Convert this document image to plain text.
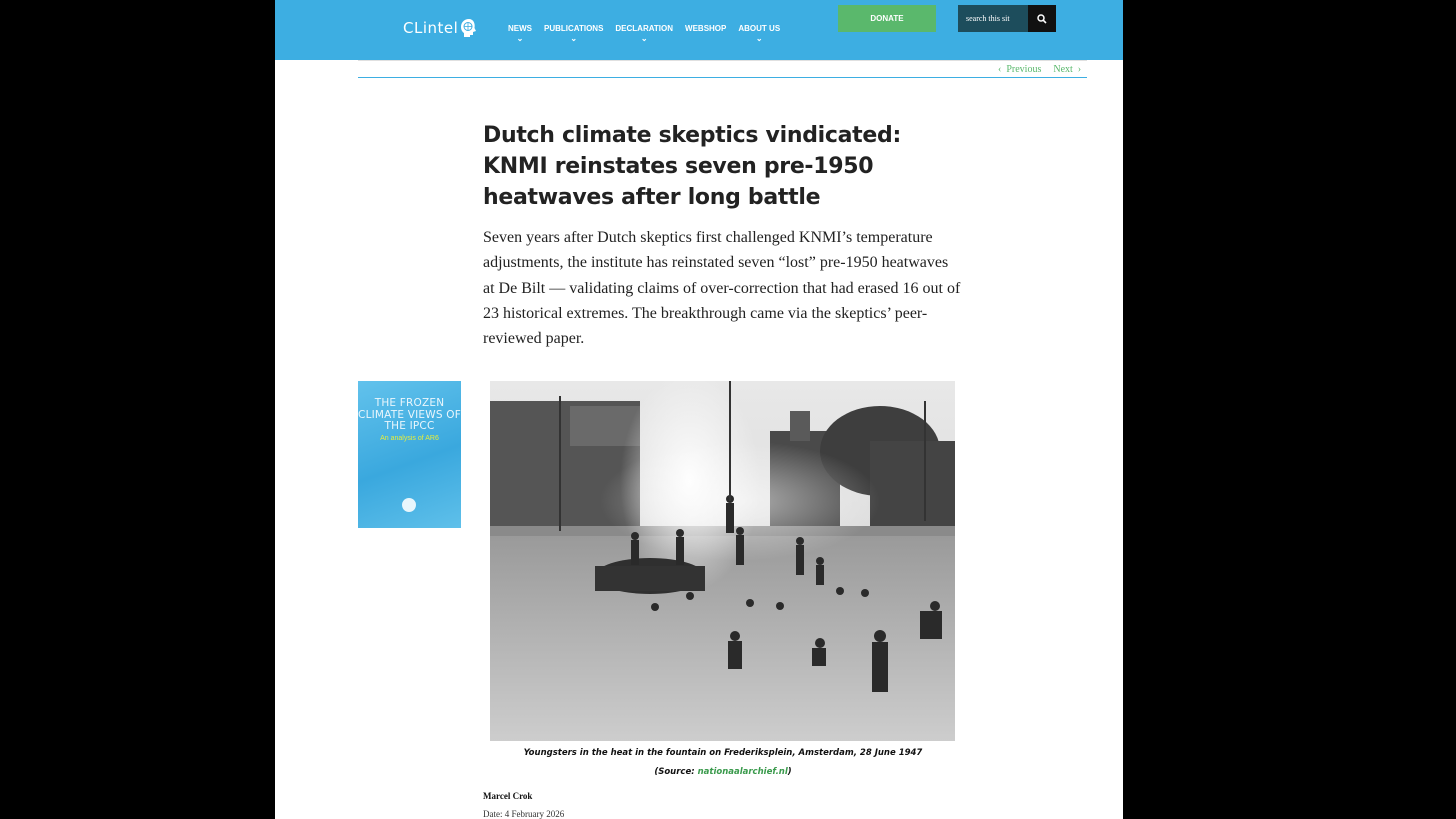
CLintel	NEWS
⌄
PUBLICATIONS
⌄
DECLARATION
⌄
WEBSHOP ABOUT US
⌄
DONATE
search this sit
‹  Previous Next  ›
Dutch climate skeptics vindicated: KNMI reinstates seven pre-1950 heatwaves after long battle

Seven years after Dutch skeptics first challenged KNMI’s temperature adjustments, the institute has reinstated seven “lost” pre-1950 heatwaves at De Bilt — validating claims of over-correction that had erased 16 out of 23 historical extremes. The breakthrough came via the skeptics’ peer-reviewed paper.

THE FROZEN CLIMATE VIEWS OF THE IPCC
An analysis of AR6
Youngsters in the heat in the fountain on Frederiksplein, Amsterdam, 28 June 1947
(Source: nationaalarchief.nl)
Marcel Crok
Date: 4 February 2026
